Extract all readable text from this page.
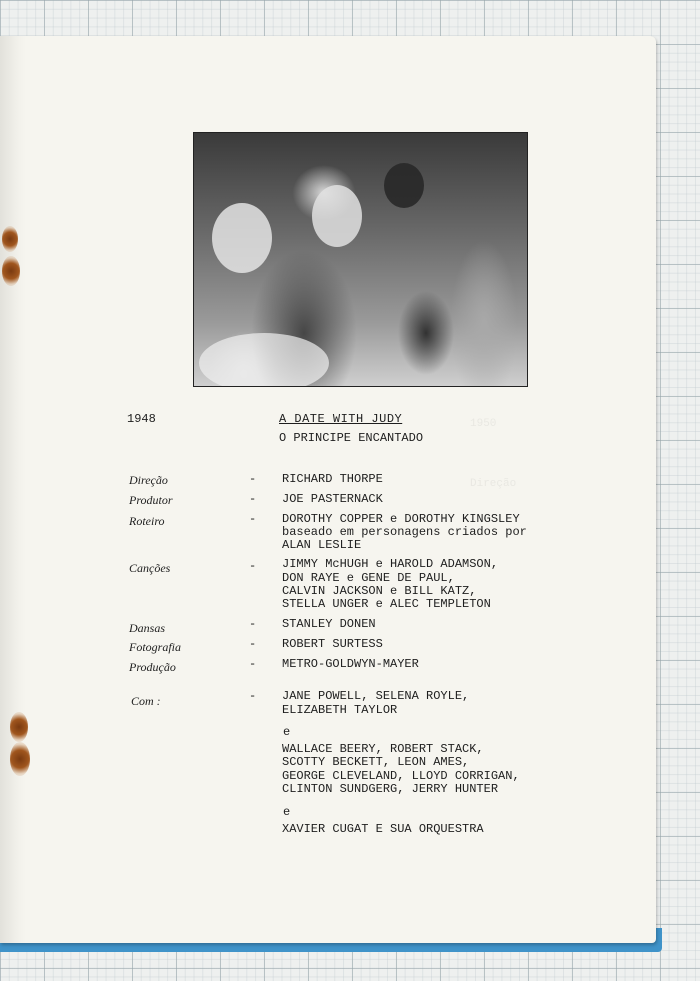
1950
Direção
1948	A DATE WITH JUDY
O PRINCIPE ENCANTADO
Direção	- RICHARD THORPE
Produtor	- JOE PASTERNACK
Roteiro	- DOROTHY COPPER e DOROTHY KINGSLEY
baseado em personagens criados por
ALAN LESLIE
Canções	- JIMMY McHUGH e HAROLD ADAMSON,
DON RAYE e GENE DE PAUL,
CALVIN JACKSON e BILL KATZ,
STELLA UNGER e ALEC TEMPLETON
Dansas	- STANLEY DONEN
Fotografia	- ROBERT SURTESS
Produção	- METRO-GOLDWYN-MAYER
Com :	- JANE POWELL, SELENA ROYLE,
ELIZABETH TAYLOR
e
WALLACE BEERY, ROBERT STACK,
SCOTTY BECKETT, LEON AMES,
GEORGE CLEVELAND, LLOYD CORRIGAN,
CLINTON SUNDGERG, JERRY HUNTER
e
XAVIER CUGAT E SUA ORQUESTRA
